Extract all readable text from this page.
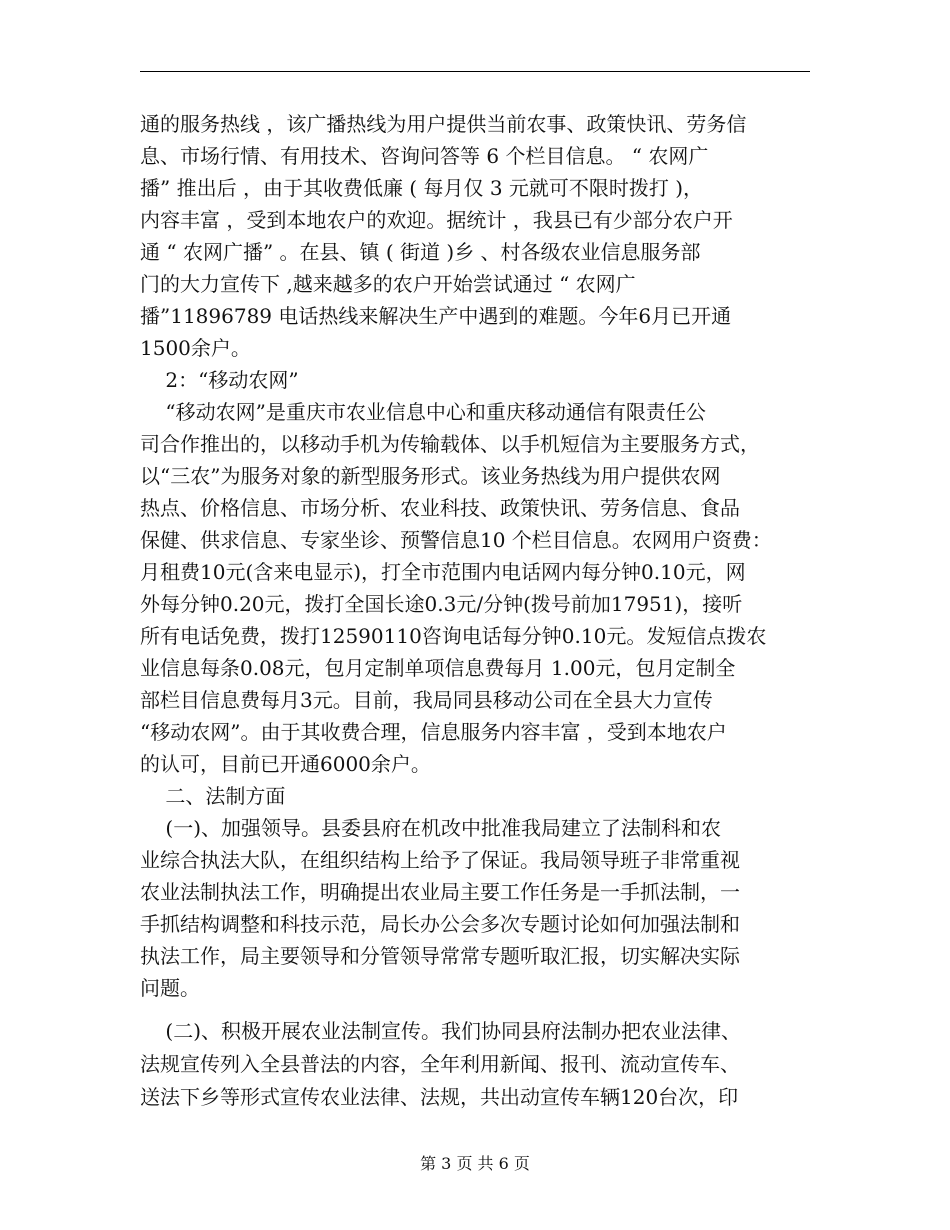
通的服务热线 ，该广播热线为用户提供当前农事、政策快讯、劳务信
息、市场行情、有用技术、咨询问答等 6 个栏目信息。 “ 农网广
播” 推出后 ，由于其收费低廉 ( 每月仅 3 元就可不限时拨打 )，
内容丰富 ，受到本地农户的欢迎。据统计 ，我县已有少部分农户开
通 “ 农网广播” 。在县、镇 ( 街道 )乡 、村各级农业信息服务部
门的大力宣传下 ,越来越多的农户开始尝试通过 “ 农网广
播”11896789 电话热线来解决生产中遇到的难题。今年6月已开通
1500余户。
2：“移动农网”
“移动农网”是重庆市农业信息中心和重庆移动通信有限责任公
司合作推出的，以移动手机为传输载体、以手机短信为主要服务方式，
以“三农”为服务对象的新型服务形式。该业务热线为用户提供农网
热点、价格信息、市场分析、农业科技、政策快讯、劳务信息、食品
保健、供求信息、专家坐诊、预警信息10 个栏目信息。农网用户资费：
月租费10元(含来电显示)，打全市范围内电话网内每分钟0.10元，网
外每分钟0.20元，拨打全国长途0.3元/分钟(拨号前加17951)，接听
所有电话免费，拨打12590110咨询电话每分钟0.10元。发短信点拨农
业信息每条0.08元，包月定制单项信息费每月 1.00元，包月定制全
部栏目信息费每月3元。目前，我局同县移动公司在全县大力宣传
“移动农网”。由于其收费合理，信息服务内容丰富 ，受到本地农户
的认可，目前已开通6000余户。
二、法制方面
(一)、加强领导。县委县府在机改中批准我局建立了法制科和农
业综合执法大队，在组织结构上给予了保证。我局领导班子非常重视
农业法制执法工作，明确提出农业局主要工作任务是一手抓法制，一
手抓结构调整和科技示范，局长办公会多次专题讨论如何加强法制和
执法工作，局主要领导和分管领导常常专题听取汇报，切实解决实际
问题。
(二)、积极开展农业法制宣传。我们协同县府法制办把农业法律、
法规宣传列入全县普法的内容，全年利用新闻、报刊、流动宣传车、
送法下乡等形式宣传农业法律、法规，共出动宣传车辆120台次，印
第 3 页 共 6 页
